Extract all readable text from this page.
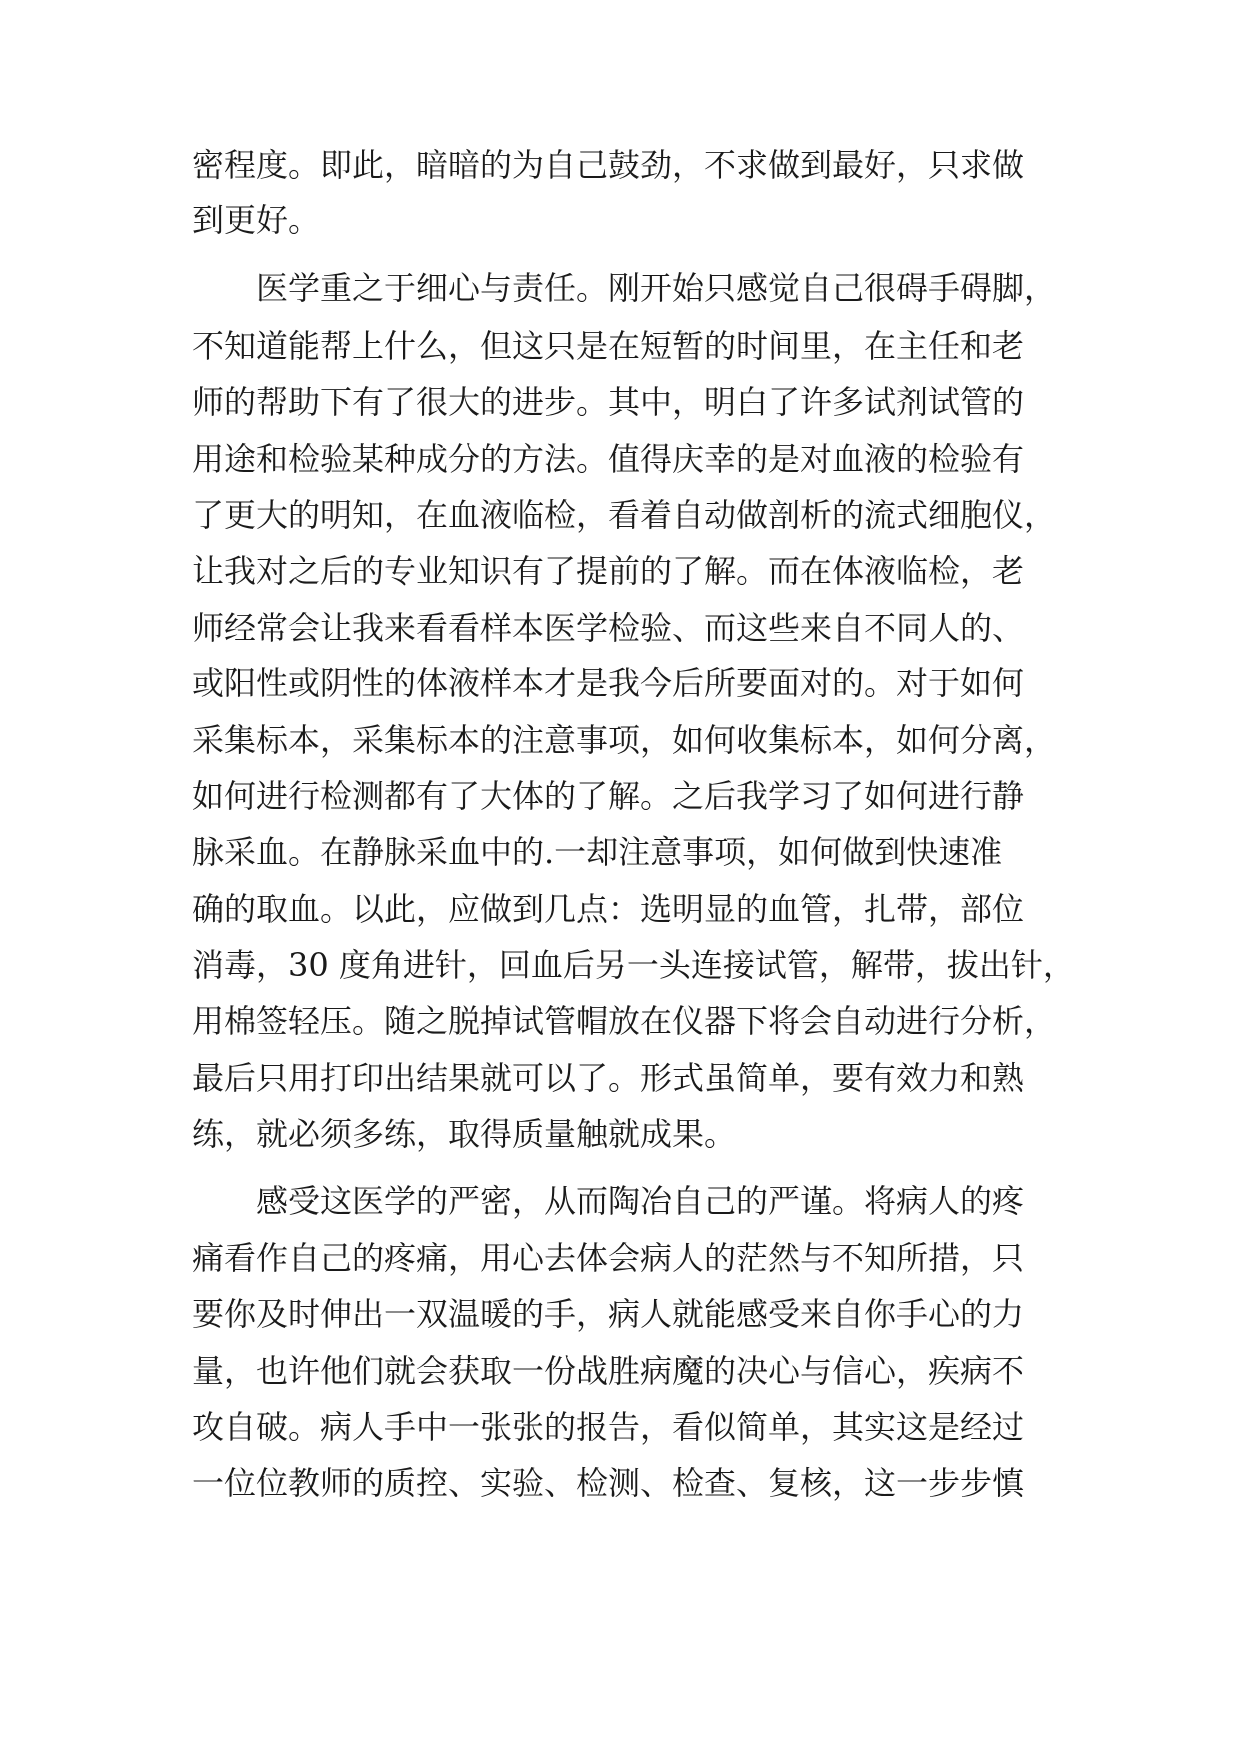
密程度。即此，暗暗的为自己鼓劲，不求做到最好，只求做
到更好。
医学重之于细心与责任。刚开始只感觉自己很碍手碍脚，
不知道能帮上什么，但这只是在短暂的时间里，在主任和老
师的帮助下有了很大的进步。其中，明白了许多试剂试管的
用途和检验某种成分的方法。值得庆幸的是对血液的检验有
了更大的明知，在血液临检，看着自动做剖析的流式细胞仪，
让我对之后的专业知识有了提前的了解。而在体液临检，老
师经常会让我来看看样本医学检验、而这些来自不同人的、
或阳性或阴性的体液样本才是我今后所要面对的。对于如何
采集标本，采集标本的注意事项，如何收集标本，如何分离，
如何进行检测都有了大体的了解。之后我学习了如何进行静
脉采血。在静脉采血中的.一却注意事项，如何做到快速准
确的取血。以此，应做到几点：选明显的血管，扎带，部位
消毒，30 度角进针，回血后另一头连接试管，解带，拔出针，
用棉签轻压。随之脱掉试管帽放在仪器下将会自动进行分析，
最后只用打印出结果就可以了。形式虽简单，要有效力和熟
练，就必须多练，取得质量触就成果。
感受这医学的严密，从而陶冶自己的严谨。将病人的疼
痛看作自己的疼痛，用心去体会病人的茫然与不知所措，只
要你及时伸出一双温暖的手，病人就能感受来自你手心的力
量，也许他们就会获取一份战胜病魔的决心与信心，疾病不
攻自破。病人手中一张张的报告，看似简单，其实这是经过
一位位教师的质控、实验、检测、检查、复核，这一步步慎
